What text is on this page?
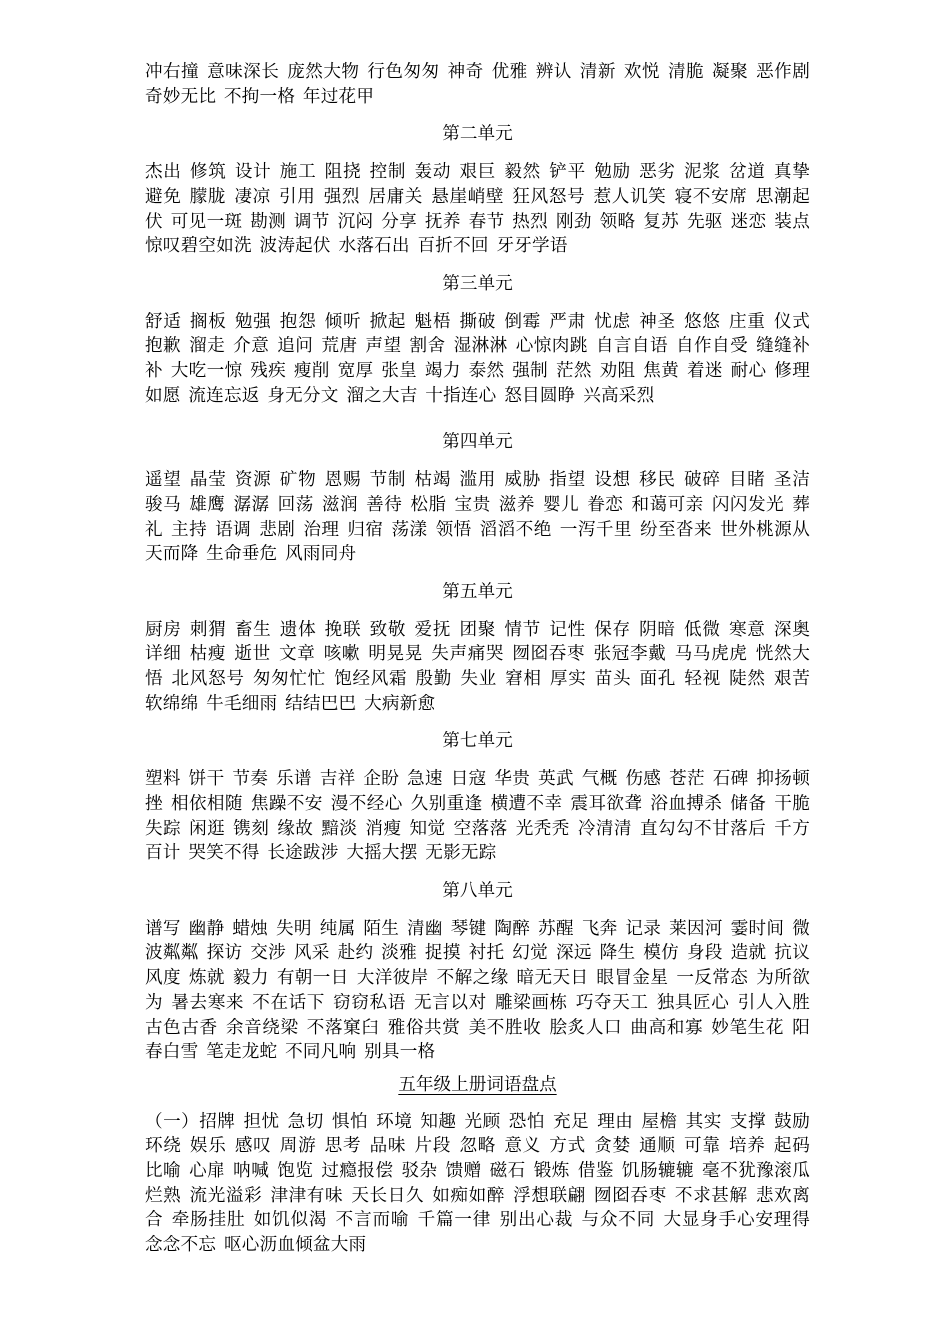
冲右撞 意味深长 庞然大物 行色匆匆 神奇 优雅 辨认 清新 欢悦 清脆 凝聚 恶作剧 奇妙无比 不拘一格 年过花甲

第二单元

杰出 修筑 设计 施工 阻挠 控制 轰动 艰巨 毅然 铲平 勉励 恶劣 泥浆 岔道 真挚 避免 朦胧 凄凉 引用 强烈 居庸关 悬崖峭壁 狂风怒号 惹人讥笑 寝不安席 思潮起伏 可见一斑 勘测 调节 沉闷 分享 抚养 春节 热烈 刚劲 领略 复苏 先驱 迷恋 装点 惊叹碧空如洗 波涛起伏 水落石出 百折不回 牙牙学语

第三单元

舒适 搁板 勉强 抱怨 倾听 掀起 魁梧 撕破 倒霉 严肃 忧虑 神圣 悠悠 庄重 仪式 抱歉 溜走 介意 追问 荒唐 声望 割舍 湿淋淋 心惊肉跳 自言自语 自作自受 缝缝补补 大吃一惊 残疾 瘦削 宽厚 张皇 竭力 泰然 强制 茫然 劝阻 焦黄 着迷 耐心 修理 如愿 流连忘返 身无分文 溜之大吉 十指连心 怒目圆睁 兴高采烈

第四单元

遥望 晶莹 资源 矿物 恩赐 节制 枯竭 滥用 威胁 指望 设想 移民 破碎 目睹 圣洁 骏马 雄鹰 潺潺 回荡 滋润 善待 松脂 宝贵 滋养 婴儿 眷恋 和蔼可亲 闪闪发光 葬礼 主持 语调 悲剧 治理 归宿 荡漾 领悟 滔滔不绝 一泻千里 纷至沓来 世外桃源从天而降 生命垂危 风雨同舟

第五单元

厨房 刺猬 畜生 遗体 挽联 致敬 爱抚 团聚 情节 记性 保存 阴暗 低微 寒意 深奥 详细 枯瘦 逝世 文章 咳嗽 明晃晃 失声痛哭 囫囵吞枣 张冠李戴 马马虎虎 恍然大悟 北风怒号 匆匆忙忙 饱经风霜 殷勤 失业 窘相 厚实 苗头 面孔 轻视 陡然 艰苦 软绵绵 牛毛细雨 结结巴巴 大病新愈

第七单元

塑料 饼干 节奏 乐谱 吉祥 企盼 急速 日寇 华贵 英武 气概 伤感 苍茫 石碑 抑扬顿挫 相依相随 焦躁不安 漫不经心 久别重逢 横遭不幸 震耳欲聋 浴血搏杀 储备 干脆 失踪 闲逛 镌刻 缘故 黯淡 消瘦 知觉 空落落 光秃秃 冷清清 直勾勾不甘落后 千方百计 哭笑不得 长途跋涉 大摇大摆 无影无踪

第八单元

谱写 幽静 蜡烛 失明 纯属 陌生 清幽 琴键 陶醉 苏醒 飞奔 记录 莱因河 霎时间 微波粼粼 探访 交涉 风采 赴约 淡雅 捉摸 衬托 幻觉 深远 降生 模仿 身段 造就 抗议 风度 炼就 毅力 有朝一日 大洋彼岸 不解之缘 暗无天日 眼冒金星 一反常态 为所欲为 暑去寒来 不在话下 窃窃私语 无言以对 雕梁画栋 巧夺天工 独具匠心 引人入胜 古色古香 余音绕梁 不落窠臼 雅俗共赏 美不胜收 脍炙人口 曲高和寡 妙笔生花 阳春白雪 笔走龙蛇 不同凡响 别具一格

五年级上册词语盘点

（一）招牌 担忧 急切 惧怕 环境 知趣 光顾 恐怕 充足 理由 屋檐 其实 支撑 鼓励 环绕 娱乐 感叹 周游 思考 品味 片段 忽略 意义 方式 贪婪 通顺 可靠 培养 起码 比喻 心扉 呐喊 饱览 过瘾报偿 驳杂 馈赠 磁石 锻炼 借鉴 饥肠辘辘 毫不犹豫滚瓜烂熟 流光溢彩 津津有味 天长日久 如痴如醉 浮想联翩 囫囵吞枣 不求甚解 悲欢离合 牵肠挂肚 如饥似渴 不言而喻 千篇一律 别出心裁 与众不同 大显身手心安理得 念念不忘 呕心沥血倾盆大雨
